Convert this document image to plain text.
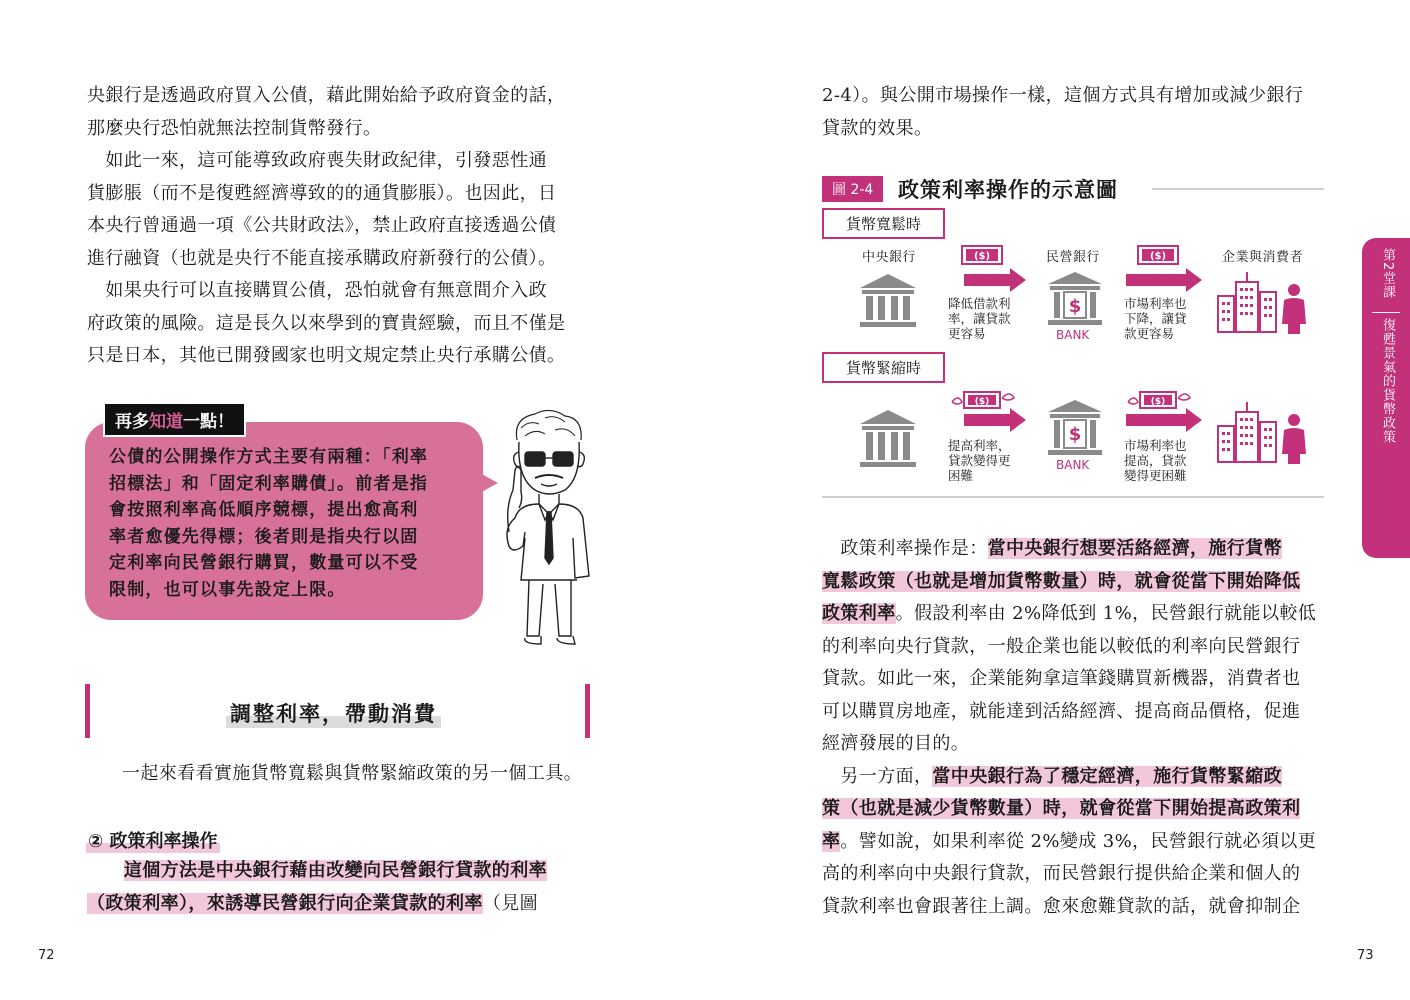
央銀行是透過政府買入公債，藉此開始給予政府資金的話，
那麼央行恐怕就無法控制貨幣發行。
　如此一來，這可能導致政府喪失財政紀律，引發惡性通
貨膨脹（而不是復甦經濟導致的的通貨膨脹）。也因此，日
本央行曾通過一項《公共財政法》，禁止政府直接透過公債
進行融資（也就是央行不能直接承購政府新發行的公債）。
　如果央行可以直接購買公債，恐怕就會有無意間介入政
府政策的風險。這是長久以來學到的寶貴經驗，而且不僅是
只是日本，其他已開發國家也明文規定禁止央行承購公債。
公債的公開操作方式主要有兩種：「利率
招標法」和「固定利率購債」。前者是指
會按照利率高低順序競標，提出愈高利
率者愈優先得標；後者則是指央行以固
定利率向民營銀行購買，數量可以不受
限制，也可以事先設定上限。
再多知道一點！
調整利率，帶動消費
一起來看看實施貨幣寬鬆與貨幣緊縮政策的另一個工具。
② 政策利率操作
　　這個方法是中央銀行藉由改變向民營銀行貸款的利率
（政策利率），來誘導民營銀行向企業貸款的利率（見圖
72
2-4）。與公開市場操作一樣，這個方式具有增加或減少銀行
貸款的效果。
圖 2-4	政策利率操作的示意圖
貨幣寬鬆時
貨幣緊縮時
中央銀行	民營銀行	企業與消費者
$
BANK
$
BANK
($)	($)
($)	($)
降低借款利
率，讓貸款
更容易
市場利率也
下降，讓貸
款更容易
提高利率，
貸款變得更
困難
市場利率也
提高，貸款
變得更困難
　政策利率操作是：當中央銀行想要活絡經濟，施行貨幣
寬鬆政策（也就是增加貨幣數量）時，就會從當下開始降低
政策利率。假設利率由 2%降低到 1%，民營銀行就能以較低
的利率向央行貸款，一般企業也能以較低的利率向民營銀行
貸款。如此一來，企業能夠拿這筆錢購買新機器，消費者也
可以購買房地產，就能達到活絡經濟、提高商品價格，促進
經濟發展的目的。
　另一方面，當中央銀行為了穩定經濟，施行貨幣緊縮政
策（也就是減少貨幣數量）時，就會從當下開始提高政策利
率。譬如說，如果利率從 2%變成 3%，民營銀行就必須以更
高的利率向中央銀行貸款，而民營銀行提供給企業和個人的
貸款利率也會跟著往上調。愈來愈難貸款的話，就會抑制企
73
第2堂課
復甦景氣的貨幣政策
